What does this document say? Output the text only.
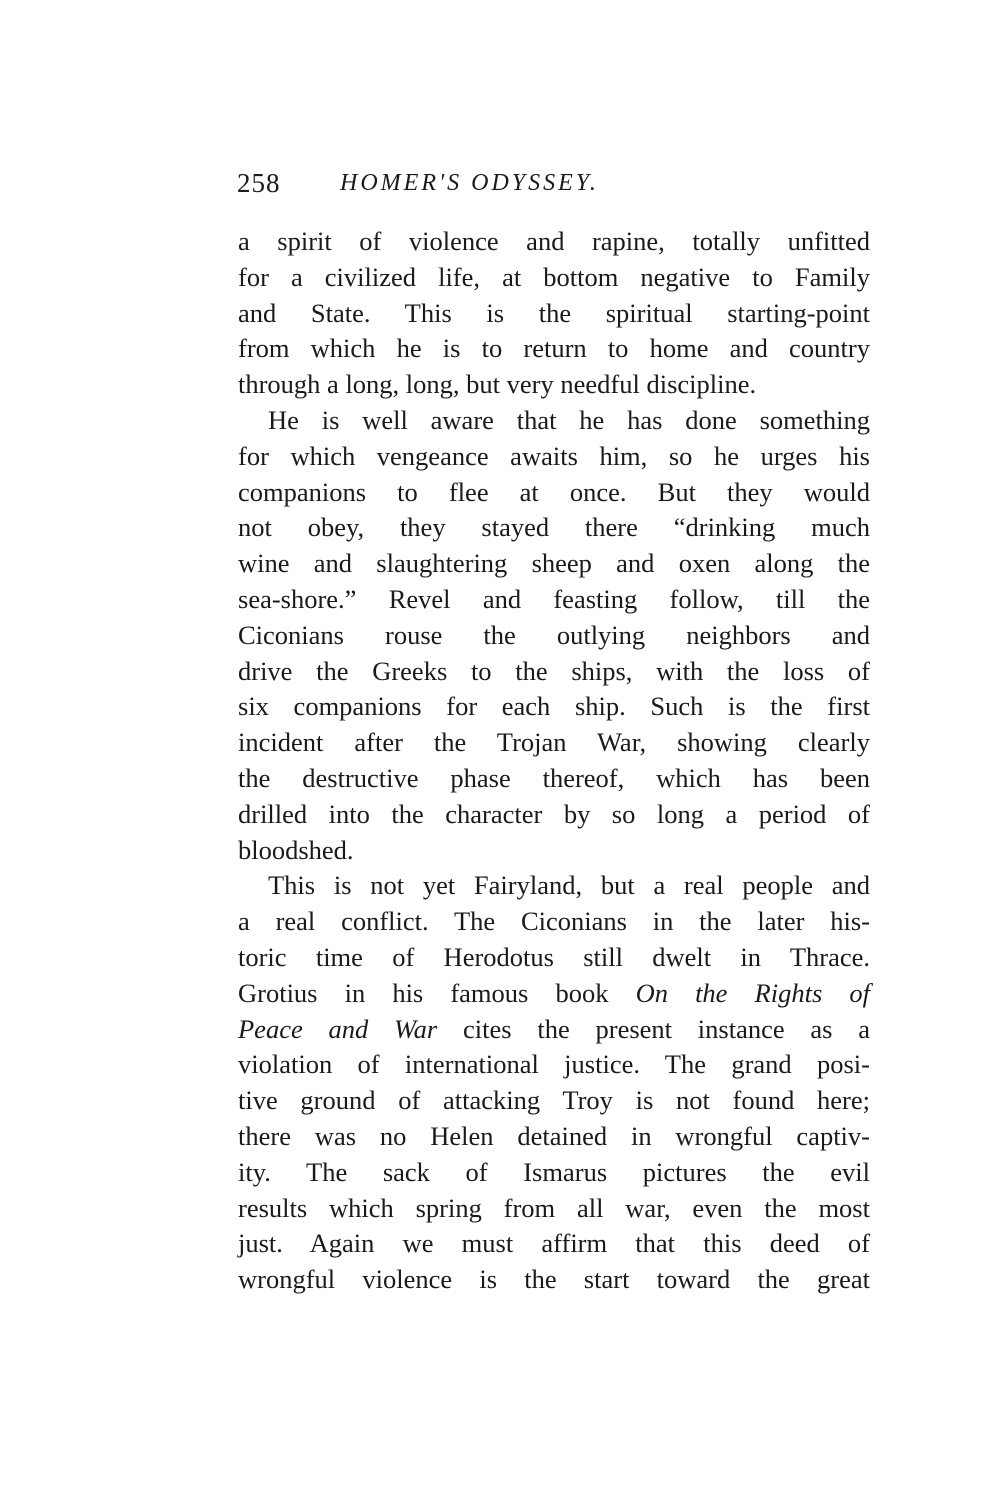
258 HOMER'S ODYSSEY.
a spirit of violence and rapine, totally unfitted
for a civilized life, at bottom negative to Family
and State. This is the spiritual starting-point
from which he is to return to home and country
through a long, long, but very needful discipline.
He is well aware that he has done something
for which vengeance awaits him, so he urges his
companions to flee at once. But they would
not obey, they stayed there “drinking much
wine and slaughtering sheep and oxen along the
sea-shore.” Revel and feasting follow, till the
Ciconians rouse the outlying neighbors and
drive the Greeks to the ships, with the loss of
six companions for each ship. Such is the first
incident after the Trojan War, showing clearly
the destructive phase thereof, which has been
drilled into the character by so long a period of
bloodshed.
This is not yet Fairyland, but a real people and
a real conflict. The Ciconians in the later his-
toric time of Herodotus still dwelt in Thrace.
Grotius in his famous book On the Rights of
Peace and War cites the present instance as a
violation of international justice. The grand posi-
tive ground of attacking Troy is not found here;
there was no Helen detained in wrongful captiv-
ity. The sack of Ismarus pictures the evil
results which spring from all war, even the most
just. Again we must affirm that this deed of
wrongful violence is the start toward the great
